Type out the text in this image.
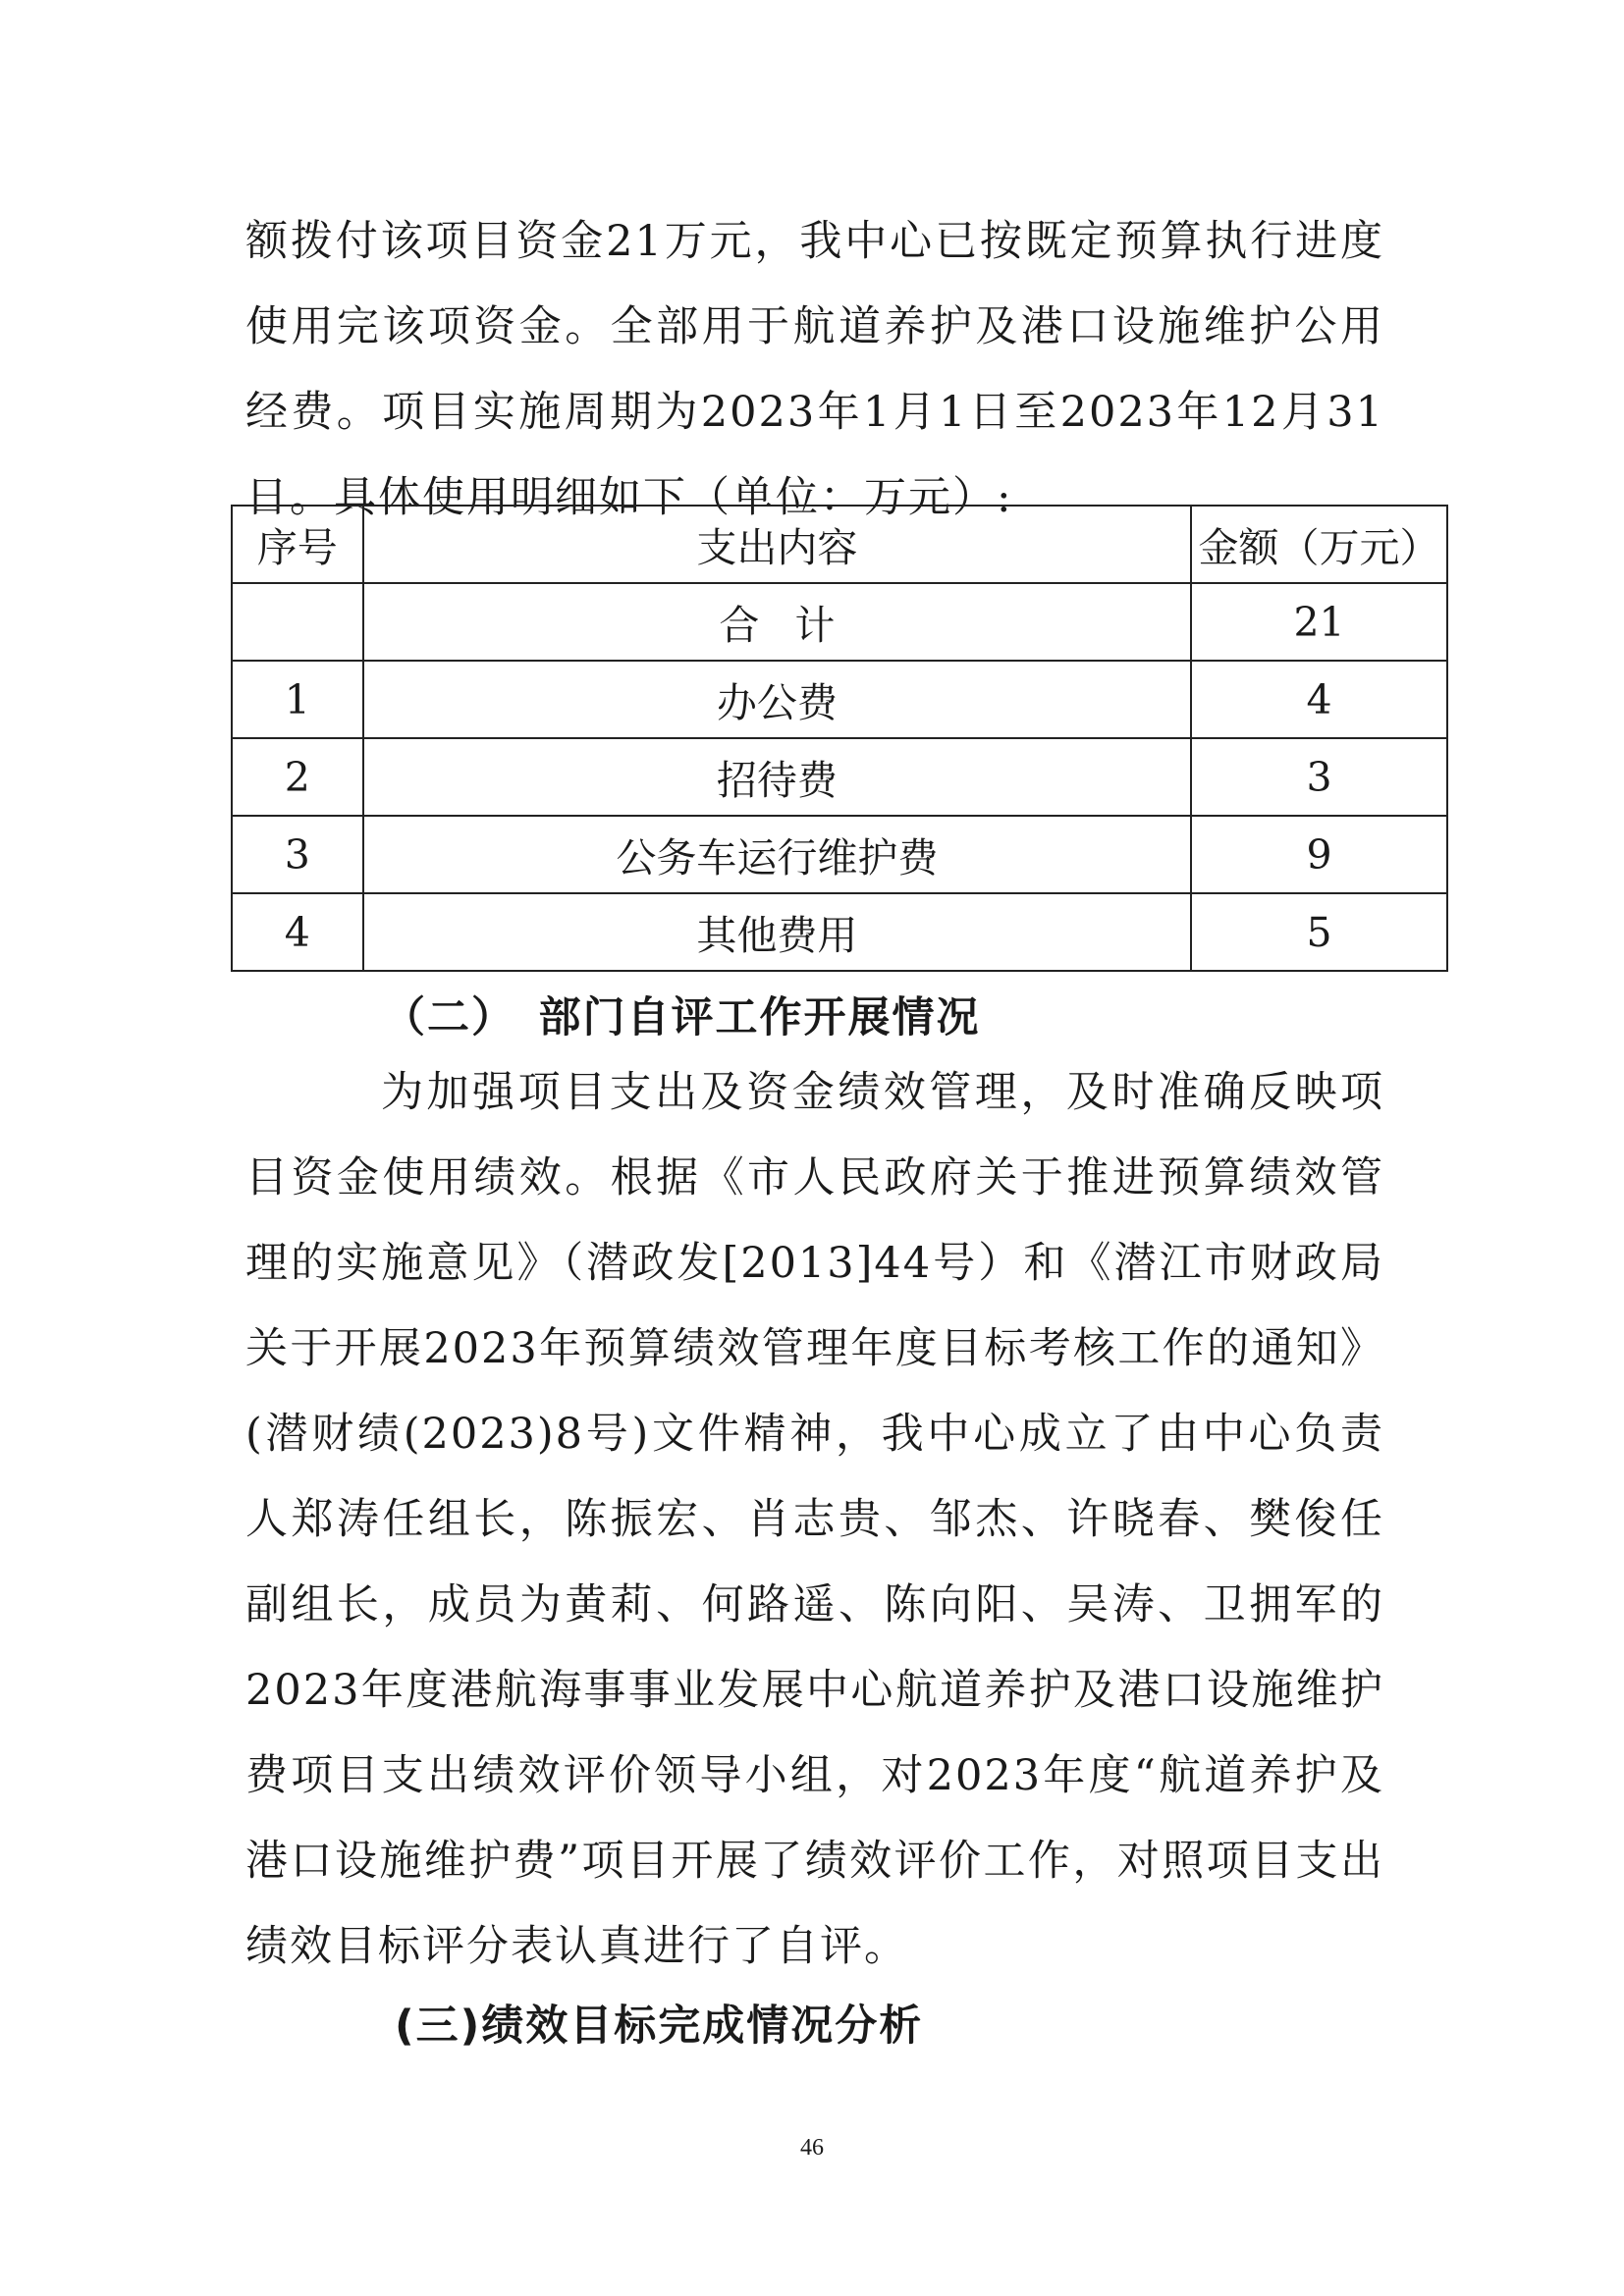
额拨付该项目资金21万元，我中心已按既定预算执行进度使用完该项资金。全部用于航道养护及港口设施维护公用经费。项目实施周期为2023年1月1日至2023年12月31日。具体使用明细如下（单位：万元）:

序号	支出内容	金额（万元）
	合计	21
1	办公费	4
2	招待费	3
3	公务车运行维护费	9
4	其他费用	5
（二）　部门自评工作开展情况

为加强项目支出及资金绩效管理，及时准确反映项目资金使用绩效。根据《市人民政府关于推进预算绩效管理的实施意见》（潜政发[2013]44号）和《潜江市财政局关于开展2023年预算绩效管理年度目标考核工作的通知》(潜财绩(2023)8号)文件精神，我中心成立了由中心负责人郑涛任组长，陈振宏、肖志贵、邹杰、许晓春、樊俊任副组长，成员为黄莉、何路遥、陈向阳、吴涛、卫拥军的2023年度港航海事事业发展中心航道养护及港口设施维护费项目支出绩效评价领导小组，对2023年度“航道养护及港口设施维护费”项目开展了绩效评价工作，对照项目支出绩效目标评分表认真进行了自评。

(三)绩效目标完成情况分析
46
